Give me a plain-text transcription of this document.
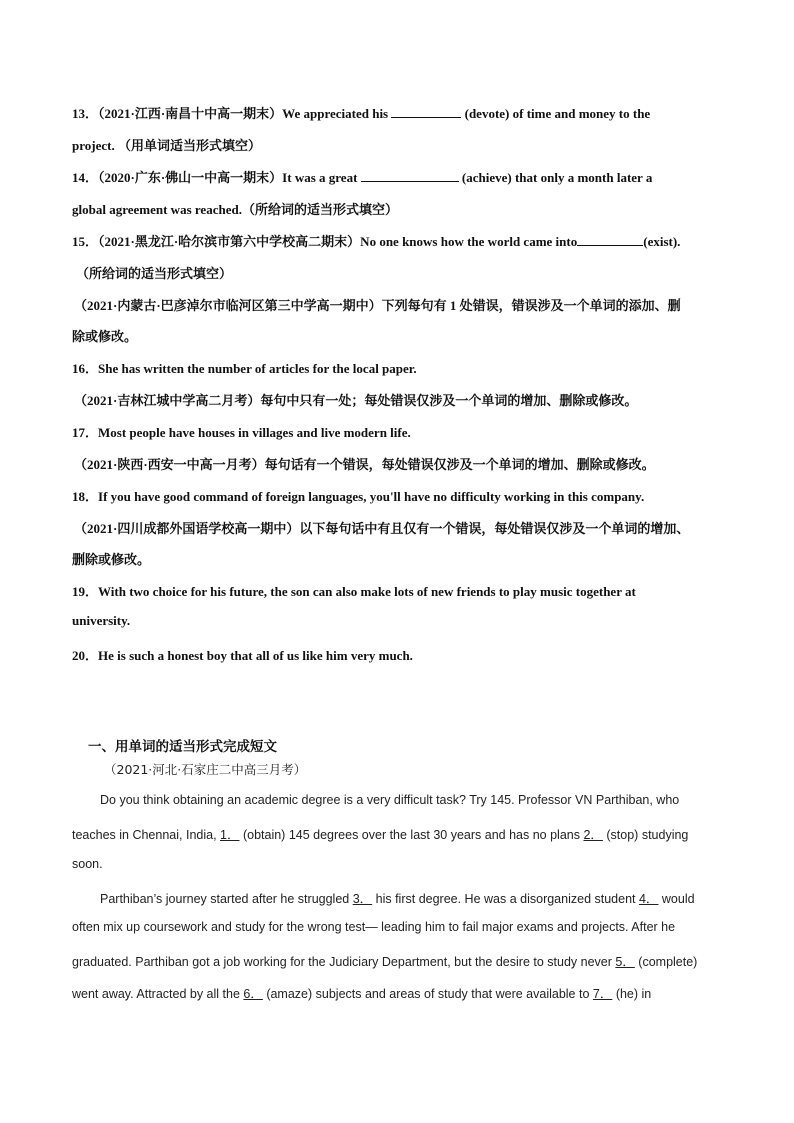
13．（2021·江西·南昌十中高一期末）We appreciated his	(devote) of time and money to the
project. （用单词适当形式填空）
14．（2020·广东·佛山一中高一期末）It was a great	(achieve) that only a month later a
global agreement was reached.（所给词的适当形式填空）
15．（2021·黑龙江·哈尔滨市第六中学校高二期末）No one knows how the world came into	(exist).
（所给词的适当形式填空）
（2021·内蒙古·巴彦淖尔市临河区第三中学高一期中）下列每句有 1 处错误，错误涉及一个单词的添加、删
除或修改。
16．She has written the number of articles for the local paper.
（2021·吉林江城中学高二月考）每句中只有一处；每处错误仅涉及一个单词的增加、删除或修改。
17．Most people have houses in villages and live modern life.
（2021·陕西·西安一中高一月考）每句话有一个错误，每处错误仅涉及一个单词的增加、删除或修改。
18．If you have good command of foreign languages, you'll have no difficulty working in this company.
（2021·四川成都外国语学校高一期中）以下每句话中有且仅有一个错误，每处错误仅涉及一个单词的增加、
删除或修改。
19．With two choice for his future, the son can also make lots of new friends to play music together at
university.
20．He is such a honest boy that all of us like him very much.
一、用单词的适当形式完成短文
（2021·河北·石家庄二中高三月考）
Do you think obtaining an academic degree is a very difficult task? Try 145. Professor VN Parthiban, who
teaches in Chennai, India, 1． (obtain) 145 degrees over the last 30 years and has no plans 2． (stop) studying
soon.
Parthiban’s journey started after he struggled 3． his first degree. He was a disorganized student 4． would
often mix up coursework and study for the wrong test— leading him to fail major exams and projects. After he
graduated. Parthiban got a job working for the Judiciary Department, but the desire to study never 5． (complete)
went away. Attracted by all the 6． (amaze) subjects and areas of study that were available to 7． (he) in
